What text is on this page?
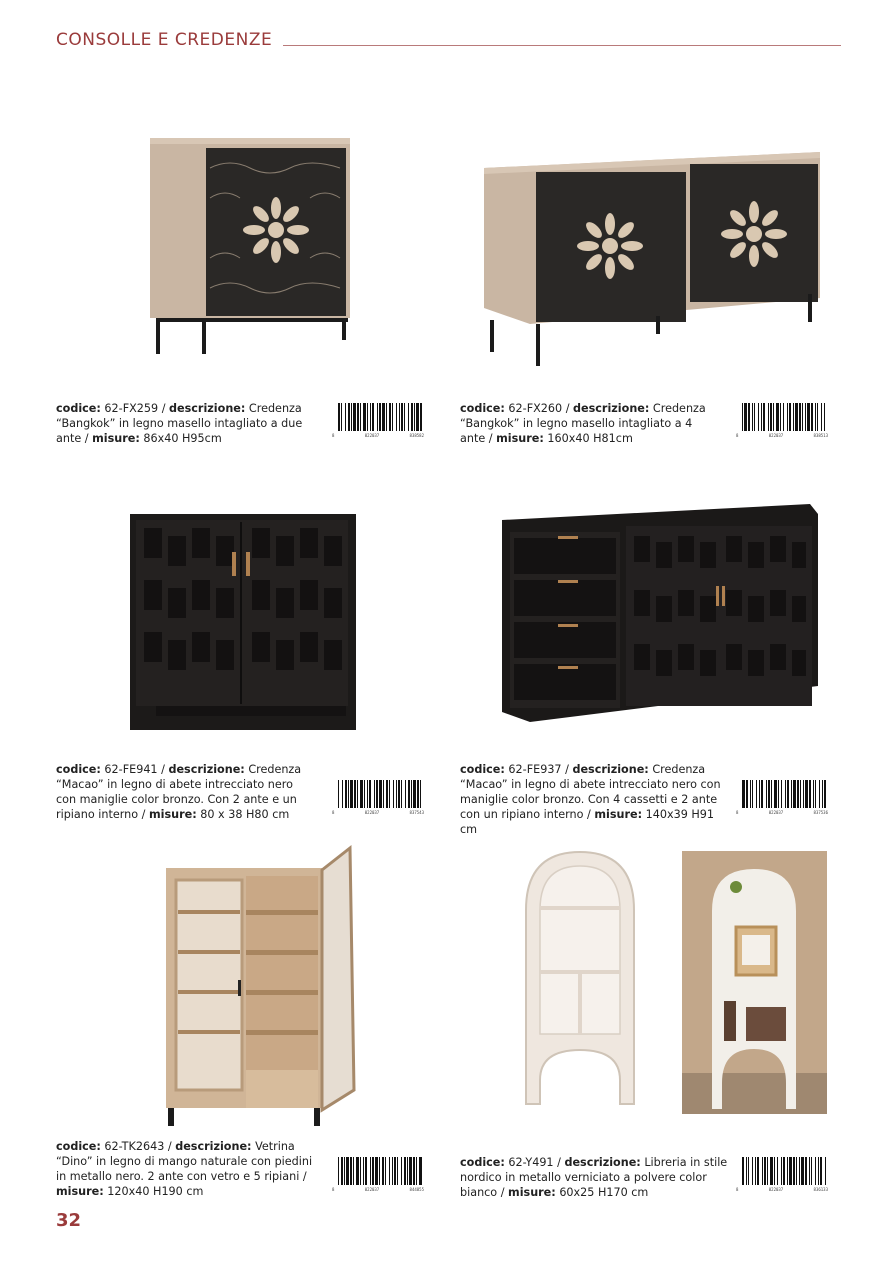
CONSOLLE E CREDENZE
codice: 62-FX259 / descrizione: Credenza
“Bangkok” in legno masello intagliato a due
ante / misure: 86x40 H95cm	8	022037	838582
codice: 62-FX260 / descrizione: Credenza
“Bangkok” in legno masello intagliato a 4
ante / misure: 160x40 H81cm	8	022037	838513
codice: 62-FE941 / descrizione: Credenza
“Macao” in legno di abete intrecciato nero
con maniglie color bronzo. Con 2 ante e un
ripiano interno / misure: 80 x 38 H80 cm	8	022037	837543
codice: 62-FE937 / descrizione: Credenza
“Macao” in legno di abete intrecciato nero con
maniglie color bronzo. Con 4 cassetti e 2 ante
con un ripiano interno / misure: 140x39 H91 cm
8	022037	837536
codice: 62-TK2643 / descrizione: Vetrina
“Dino” in legno di mango naturale con piedini
in metallo nero. 2 ante con vetro e 5 ripiani /
misure: 120x40 H190 cm	8	022037	844855
codice: 62-Y491 / descrizione: Libreria in stile
nordico in metallo verniciato a polvere color
bianco / misure: 60x25 H170 cm	8	022037	836133
32
